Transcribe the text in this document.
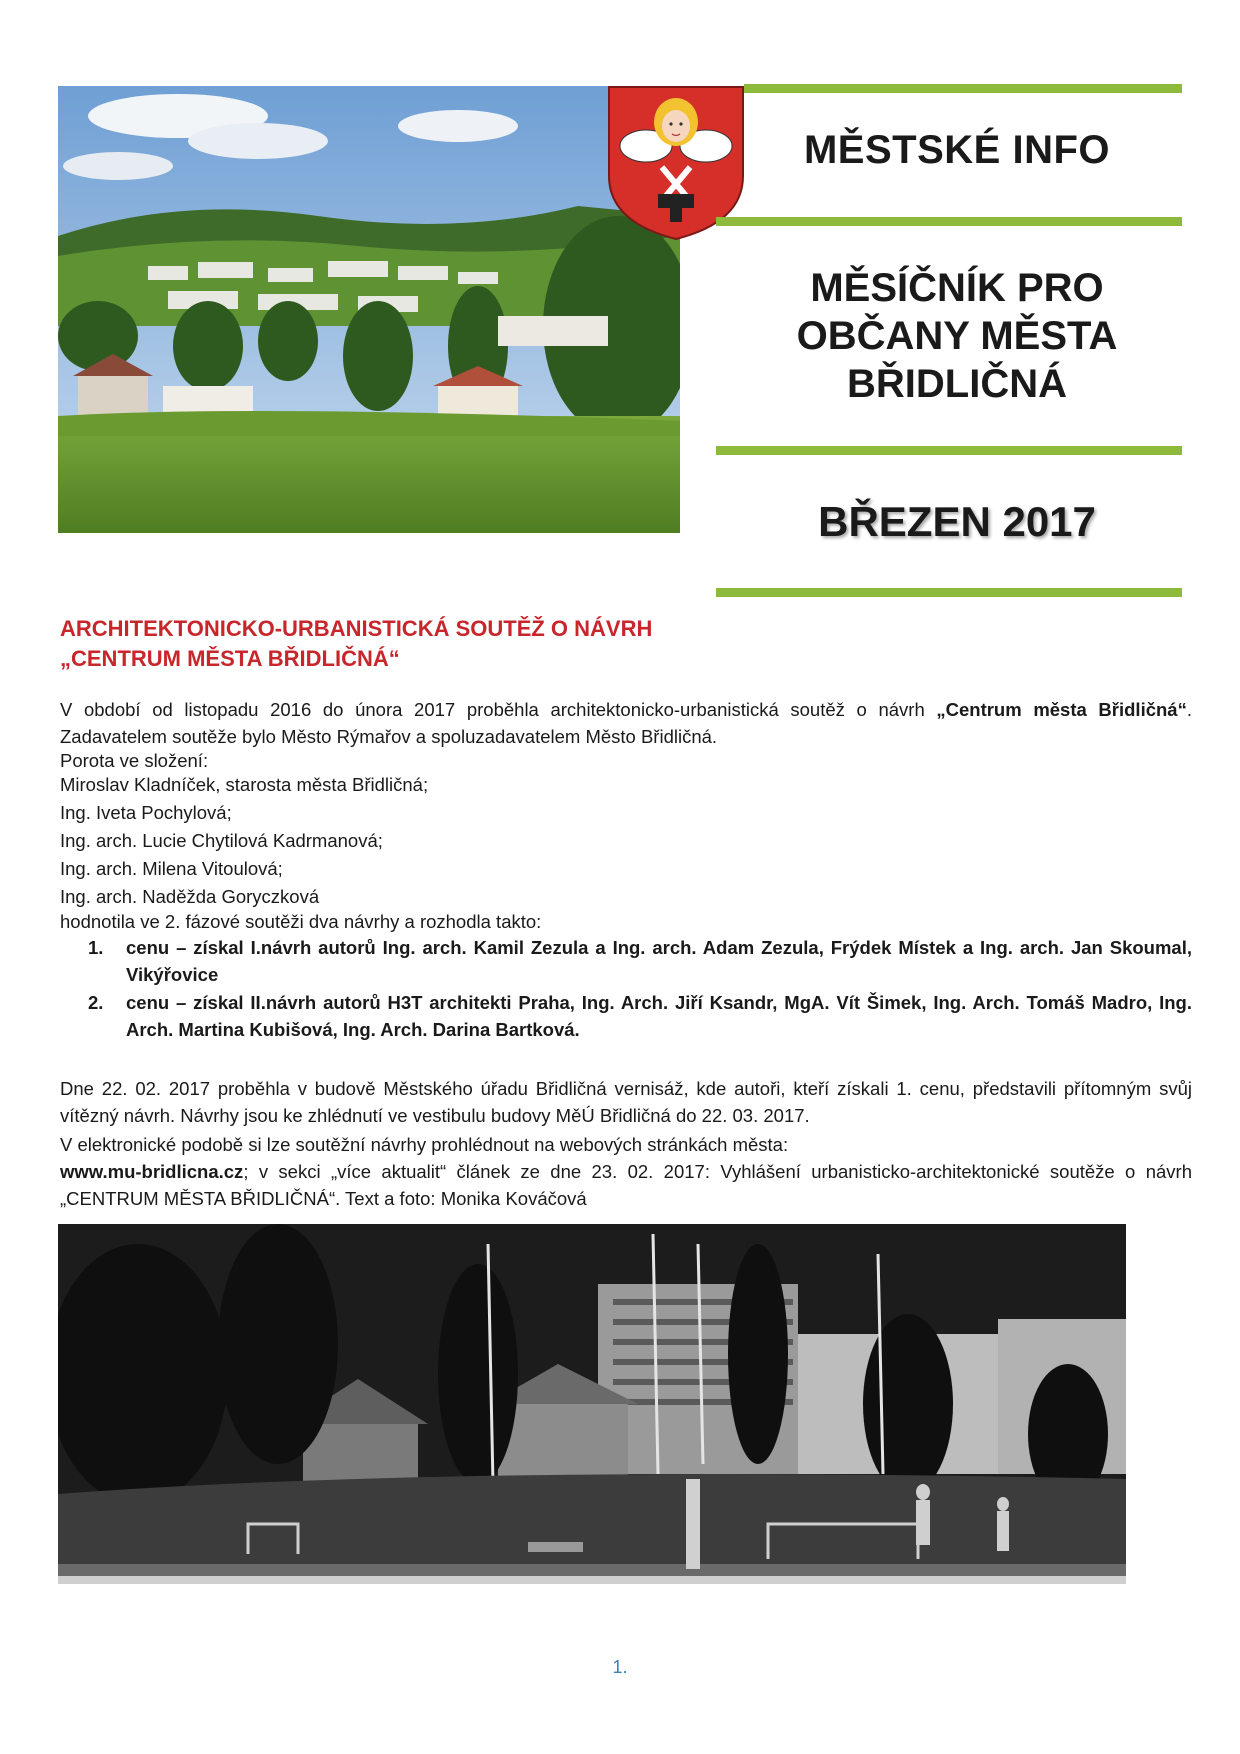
MĚSTSKÉ INFO
MĚSÍČNÍK PRO
OBČANY MĚSTA
BŘIDLIČNÁ
BŘEZEN 2017
ARCHITEKTONICKO-URBANISTICKÁ SOUTĚŽ O NÁVRH
„CENTRUM MĚSTA BŘIDLIČNÁ“
V období od listopadu 2016 do února 2017 proběhla architektonicko-urbanistická soutěž o návrh „Centrum města Břidličná“. Zadavatelem soutěže bylo Město Rýmařov a spoluzadavatelem Město Břidličná.
Porota ve složení:
Miroslav Kladníček, starosta města Břidličná;
Ing. Iveta Pochylová;
Ing. arch. Lucie Chytilová Kadrmanová;
Ing. arch. Milena Vitoulová;
Ing. arch. Naděžda Goryczková
hodnotila ve 2. fázové soutěži dva návrhy a rozhodla takto:
1. cenu – získal I.návrh autorů Ing. arch. Kamil Zezula a Ing. arch. Adam Zezula, Frýdek Místek a Ing. arch. Jan Skoumal, Vikýřovice
2. cenu – získal II.návrh autorů H3T architekti Praha, Ing. Arch. Jiří Ksandr, MgA. Vít Šimek, Ing. Arch. Tomáš Madro, Ing. Arch. Martina Kubišová, Ing. Arch. Darina Bartková.
Dne 22. 02. 2017 proběhla v budově Městského úřadu Břidličná vernisáž, kde autoři, kteří získali 1. cenu, představili přítomným svůj vítězný návrh. Návrhy jsou ke zhlédnutí ve vestibulu budovy MěÚ Břidličná do 22. 03. 2017.
V elektronické podobě si lze soutěžní návrhy prohlédnout na webových stránkách města:
www.mu-bridlicna.cz; v sekci „více aktualit“ článek ze dne 23. 02. 2017: Vyhlášení urbanisticko-architektonické soutěže o návrh „CENTRUM MĚSTA BŘIDLIČNÁ“. Text a foto: Monika Kováčová
1.
